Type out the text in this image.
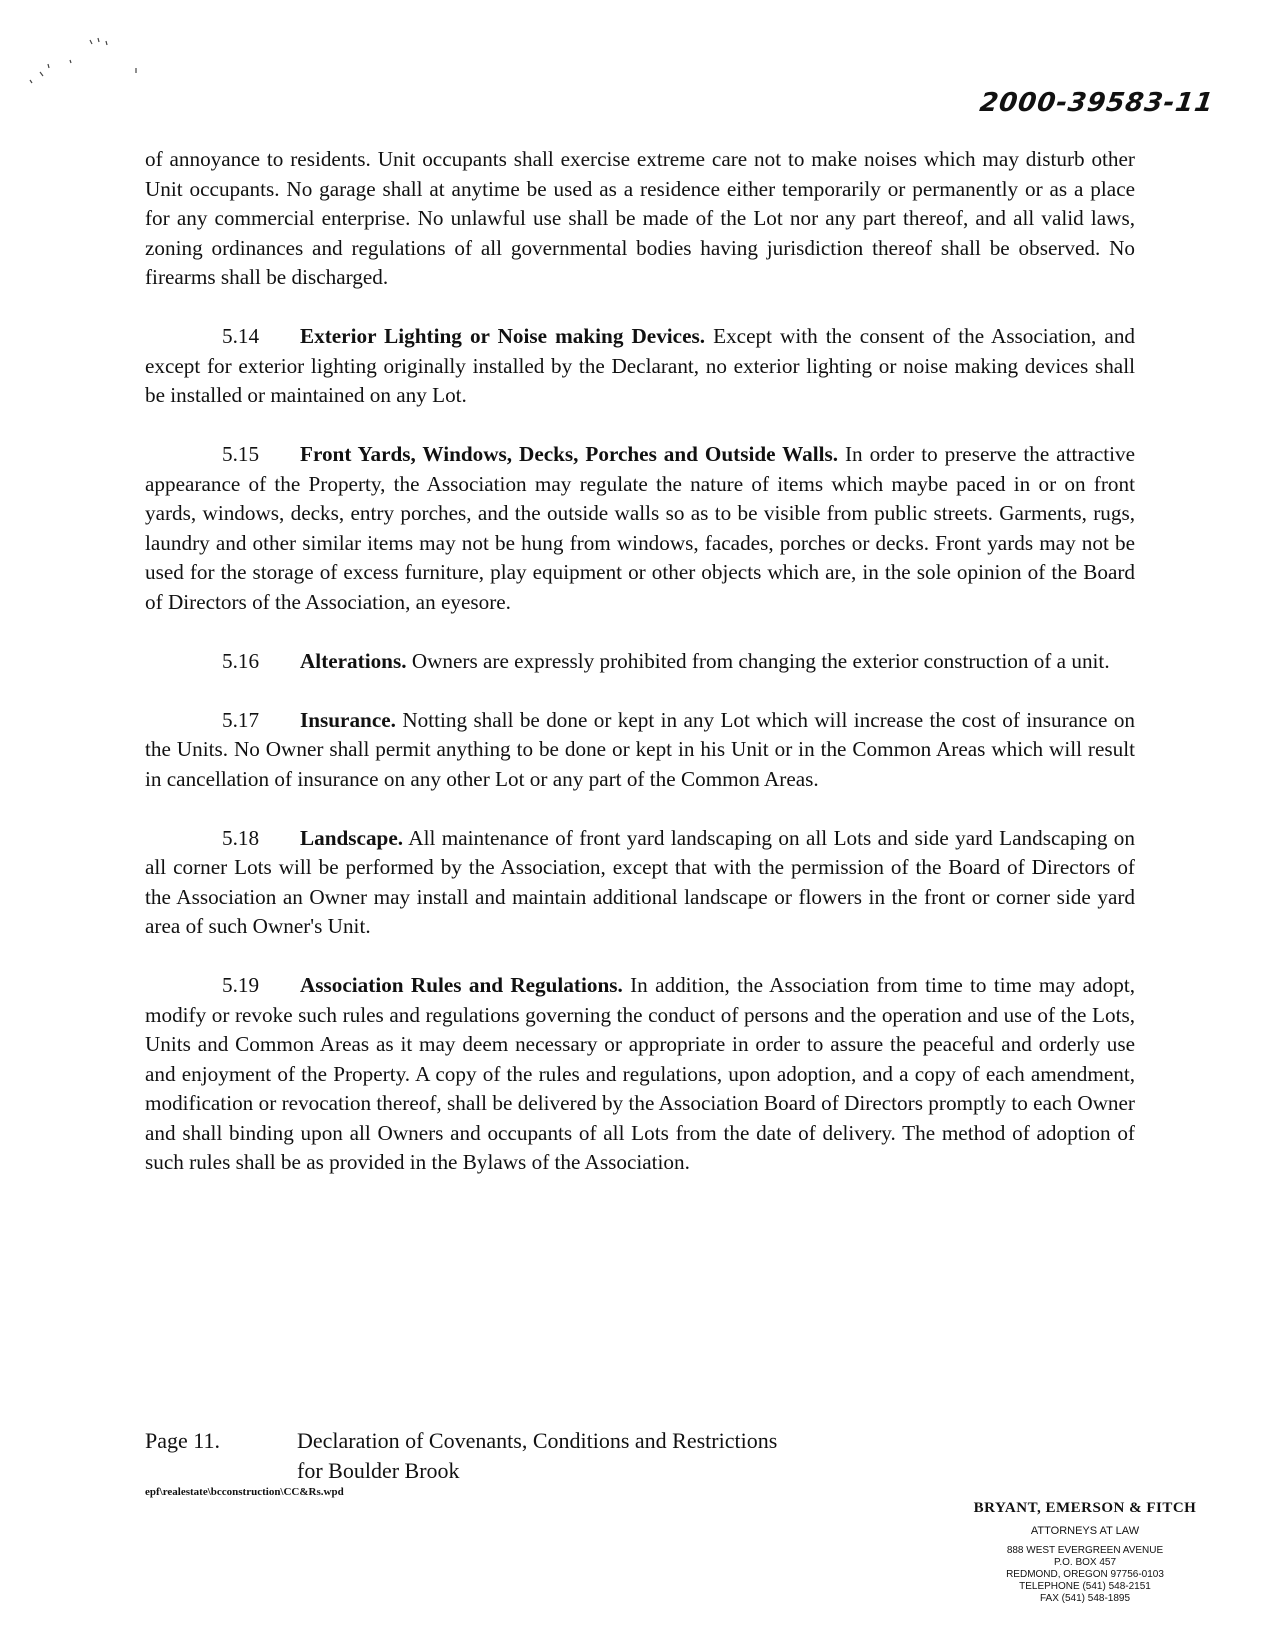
2000-39583-11

of annoyance to residents. Unit occupants shall exercise extreme care not to make noises which may disturb other Unit occupants. No garage shall at anytime be used as a residence either temporarily or permanently or as a place for any commercial enterprise. No unlawful use shall be made of the Lot nor any part thereof, and all valid laws, zoning ordinances and regulations of all governmental bodies having jurisdiction thereof shall be observed. No firearms shall be discharged.

5.14 Exterior Lighting or Noise making Devices. Except with the consent of the Association, and except for exterior lighting originally installed by the Declarant, no exterior lighting or noise making devices shall be installed or maintained on any Lot.

5.15 Front Yards, Windows, Decks, Porches and Outside Walls. In order to preserve the attractive appearance of the Property, the Association may regulate the nature of items which maybe paced in or on front yards, windows, decks, entry porches, and the outside walls so as to be visible from public streets. Garments, rugs, laundry and other similar items may not be hung from windows, facades, porches or decks. Front yards may not be used for the storage of excess furniture, play equipment or other objects which are, in the sole opinion of the Board of Directors of the Association, an eyesore.

5.16 Alterations. Owners are expressly prohibited from changing the exterior construction of a unit.

5.17 Insurance. Notting shall be done or kept in any Lot which will increase the cost of insurance on the Units. No Owner shall permit anything to be done or kept in his Unit or in the Common Areas which will result in cancellation of insurance on any other Lot or any part of the Common Areas.

5.18 Landscape. All maintenance of front yard landscaping on all Lots and side yard Landscaping on all corner Lots will be performed by the Association, except that with the permission of the Board of Directors of the Association an Owner may install and maintain additional landscape or flowers in the front or corner side yard area of such Owner's Unit.

5.19 Association Rules and Regulations. In addition, the Association from time to time may adopt, modify or revoke such rules and regulations governing the conduct of persons and the operation and use of the Lots, Units and Common Areas as it may deem necessary or appropriate in order to assure the peaceful and orderly use and enjoyment of the Property. A copy of the rules and regulations, upon adoption, and a copy of each amendment, modification or revocation thereof, shall be delivered by the Association Board of Directors promptly to each Owner and shall binding upon all Owners and occupants of all Lots from the date of delivery. The method of adoption of such rules shall be as provided in the Bylaws of the Association.

Page 11.	Declaration of Covenants, Conditions and Restrictions
for Boulder Brook
epf\realestate\bcconstruction\CC&Rs.wpd
BRYANT, EMERSON & FITCH
ATTORNEYS AT LAW
888 WEST EVERGREEN AVENUE
P.O. BOX 457
REDMOND, OREGON 97756-0103
TELEPHONE (541) 548-2151
FAX (541) 548-1895
